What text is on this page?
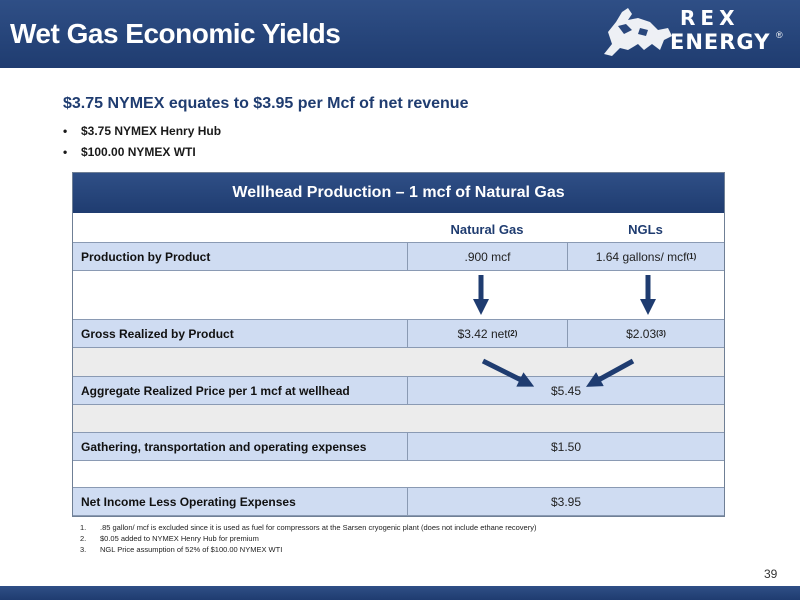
Wet Gas Economic Yields	REX
ENERGY ®
$3.75 NYMEX equates to $3.95 per Mcf of net revenue
• $3.75 NYMEX Henry Hub
• $100.00 NYMEX WTI
Wellhead Production – 1 mcf of Natural Gas
Natural Gas	NGLs
Production by Product	.900 mcf	1.64 gallons/ mcf (1)
Gross Realized by Product	$3.42 net (2)	$2.03 (3)
Aggregate Realized Price per 1 mcf at wellhead	$5.45
Gathering, transportation and operating expenses	$1.50
Net Income Less Operating Expenses	$3.95
1. .85 gallon/ mcf is excluded since it is used as fuel for compressors at the Sarsen cryogenic plant (does not include ethane recovery)
2. $0.05 added to NYMEX Henry Hub for premium
3. NGL Price assumption of 52% of $100.00 NYMEX WTI
39
